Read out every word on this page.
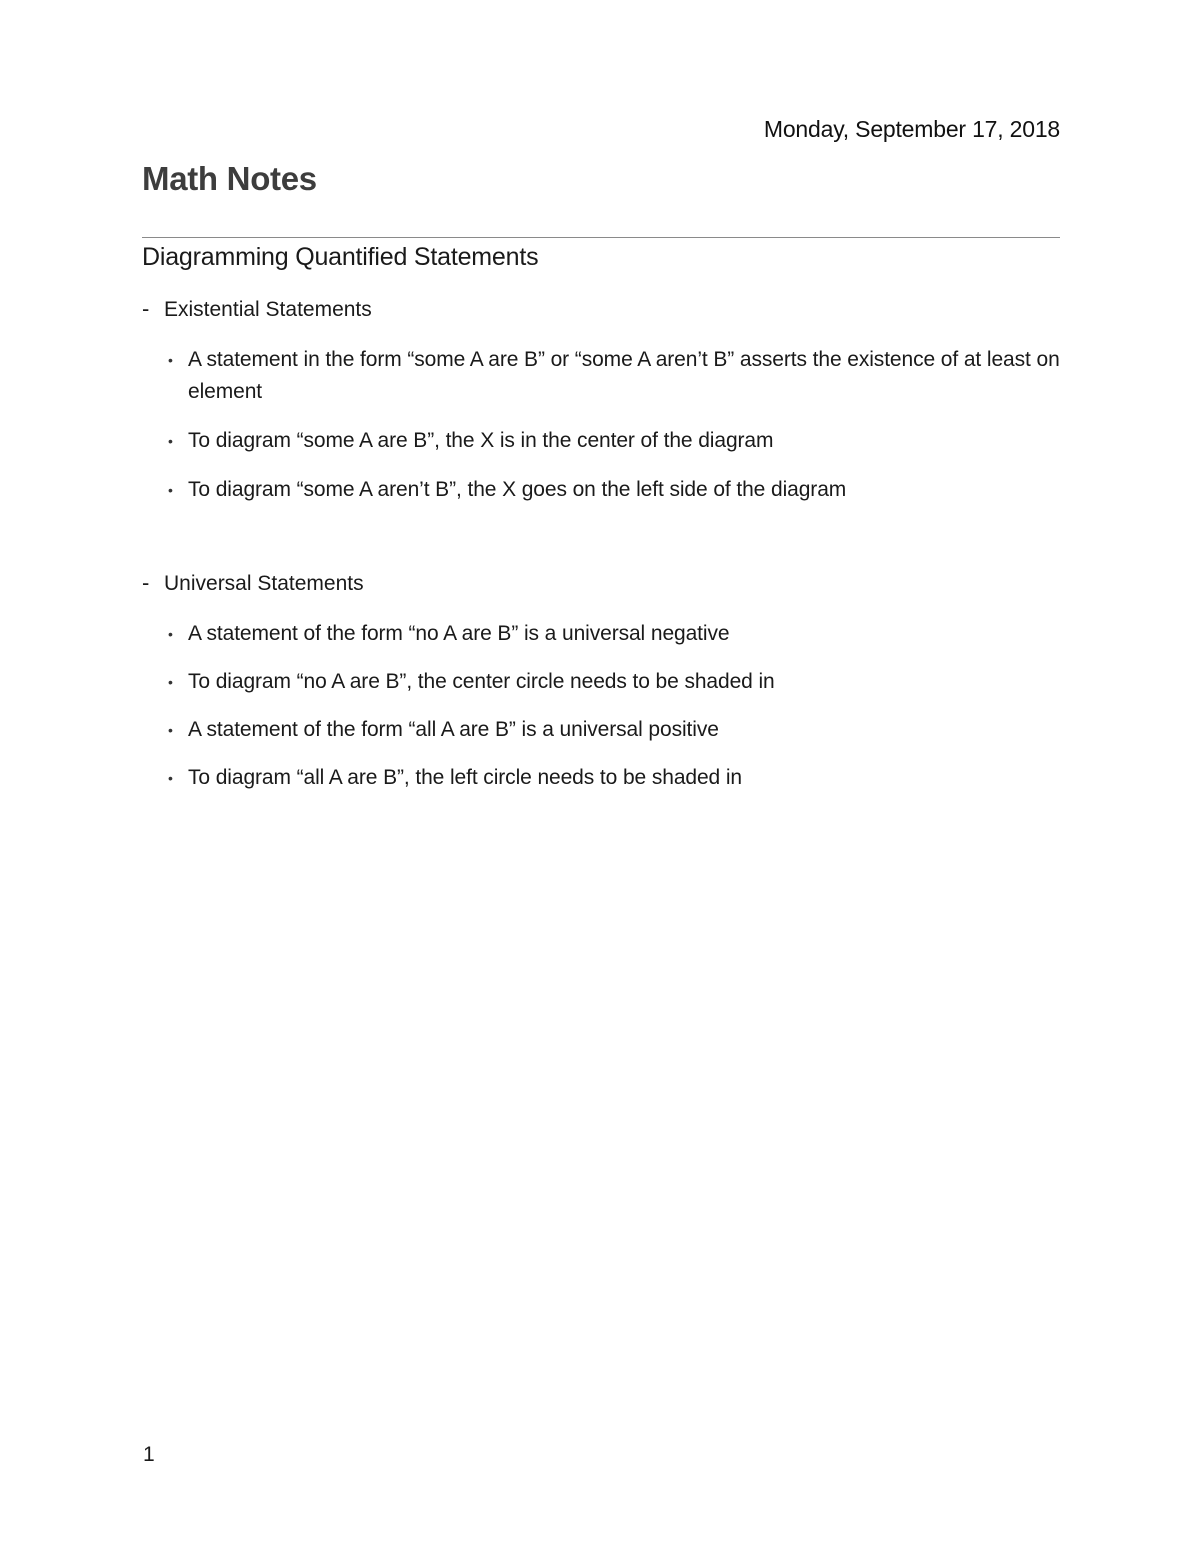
Monday, September 17, 2018
Math Notes
Diagramming Quantified Statements
- Existential Statements
• A statement in the form “some A are B” or “some A aren’t B” asserts the existence of at least on element
• To diagram “some A are B”, the X is in the center of the diagram
• To diagram “some A aren’t B”, the X goes on the left side of the diagram
- Universal Statements
• A statement of the form “no A are B” is a universal negative
• To diagram “no A are B”, the center circle needs to be shaded in
• A statement of the form “all A are B” is a universal positive
• To diagram “all A are B”, the left circle needs to be shaded in
1
